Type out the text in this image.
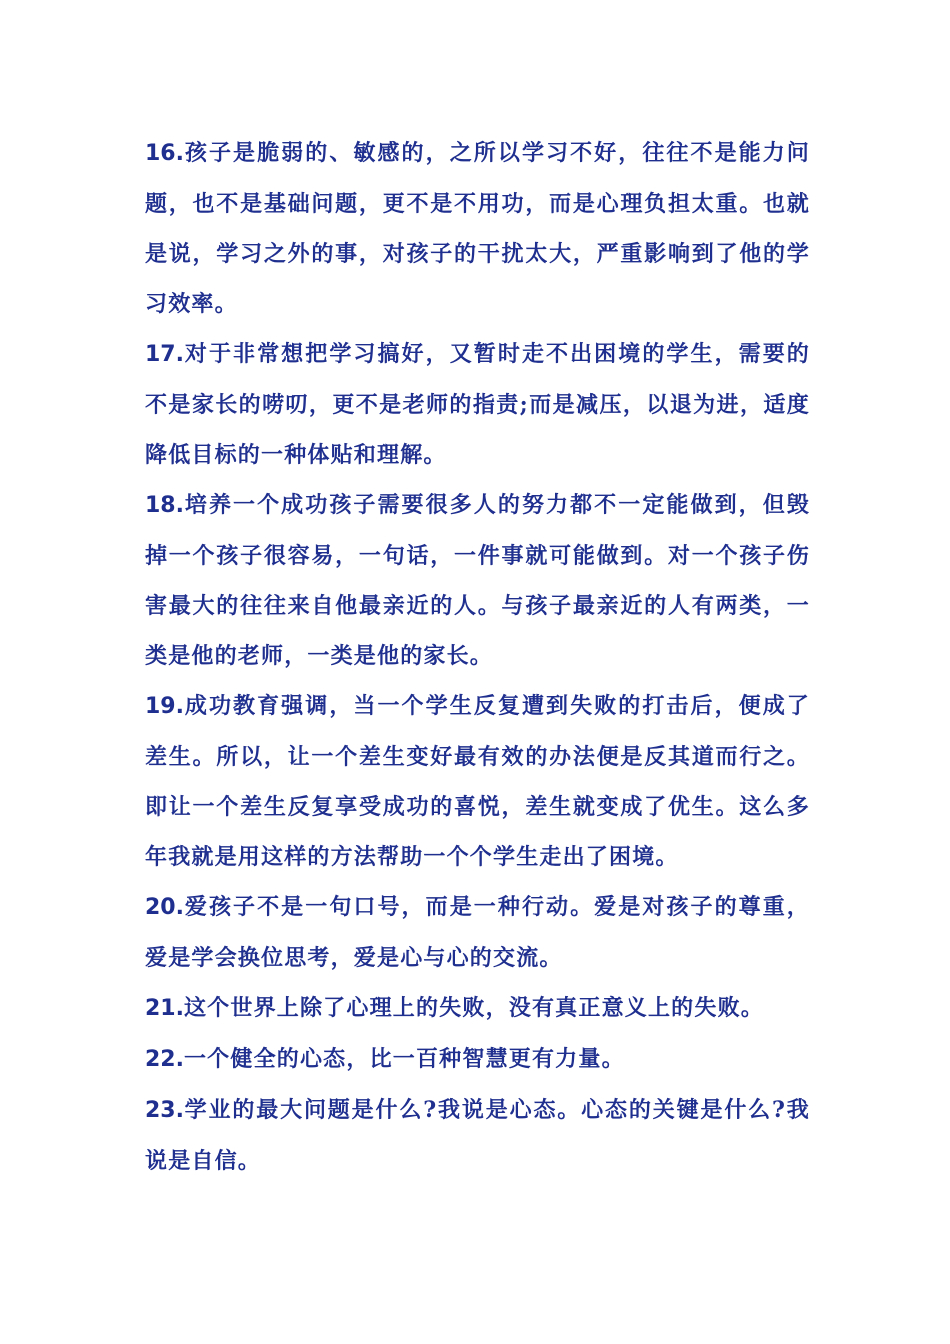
16.孩子是脆弱的、敏感的，之所以学习不好，往往不是能力问题，也不是基础问题，更不是不用功，而是心理负担太重。也就是说，学习之外的事，对孩子的干扰太大，严重影响到了他的学习效率。

17.对于非常想把学习搞好，又暂时走不出困境的学生，需要的不是家长的唠叨，更不是老师的指责;而是减压，以退为进，适度降低目标的一种体贴和理解。

18.培养一个成功孩子需要很多人的努力都不一定能做到，但毁掉一个孩子很容易，一句话，一件事就可能做到。对一个孩子伤害最大的往往来自他最亲近的人。与孩子最亲近的人有两类，一类是他的老师，一类是他的家长。

19.成功教育强调，当一个学生反复遭到失败的打击后，便成了差生。所以，让一个差生变好最有效的办法便是反其道而行之。即让一个差生反复享受成功的喜悦，差生就变成了优生。这么多年我就是用这样的方法帮助一个个学生走出了困境。

20.爱孩子不是一句口号，而是一种行动。爱是对孩子的尊重，爱是学会换位思考，爱是心与心的交流。

21.这个世界上除了心理上的失败，没有真正意义上的失败。

22.一个健全的心态，比一百种智慧更有力量。

23.学业的最大问题是什么?我说是心态。心态的关键是什么?我说是自信。
